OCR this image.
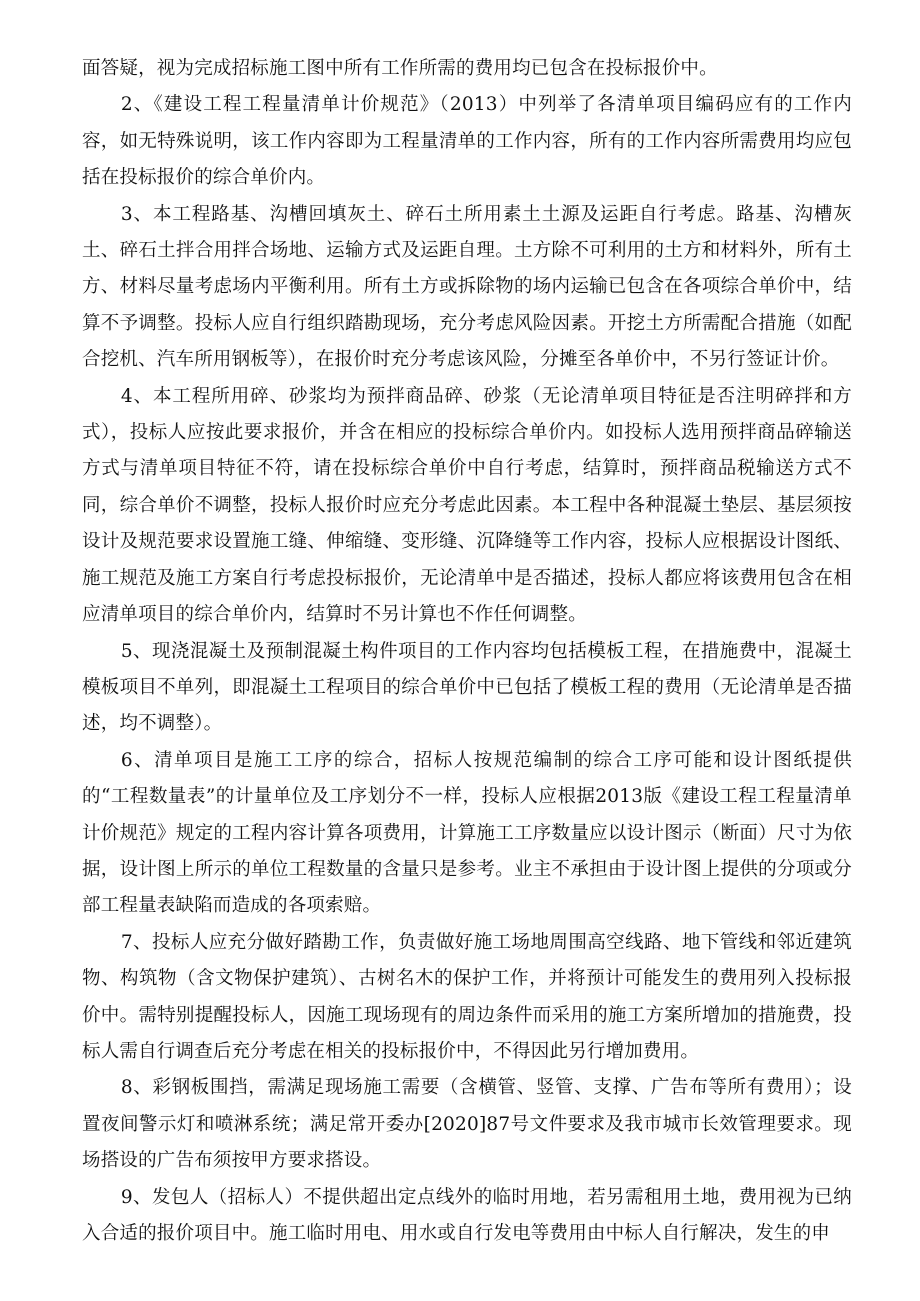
面答疑，视为完成招标施工图中所有工作所需的费用均已包含在投标报价中。

2、《建设工程工程量清单计价规范》（2013）中列举了各清单项目编码应有的工作内容，如无特殊说明，该工作内容即为工程量清单的工作内容，所有的工作内容所需费用均应包括在投标报价的综合单价内。

3、本工程路基、沟槽回填灰土、碎石土所用素土土源及运距自行考虑。路基、沟槽灰土、碎石土拌合用拌合场地、运输方式及运距自理。土方除不可利用的土方和材料外，所有土方、材料尽量考虑场内平衡利用。所有土方或拆除物的场内运输已包含在各项综合单价中，结算不予调整。投标人应自行组织踏勘现场，充分考虑风险因素。开挖土方所需配合措施（如配合挖机、汽车所用钢板等），在报价时充分考虑该风险，分摊至各单价中，不另行签证计价。

4、本工程所用碎、砂浆均为预拌商品碎、砂浆（无论清单项目特征是否注明碎拌和方式），投标人应按此要求报价，并含在相应的投标综合单价内。如投标人选用预拌商品碎输送方式与清单项目特征不符，请在投标综合单价中自行考虑，结算时，预拌商品税输送方式不同，综合单价不调整，投标人报价时应充分考虑此因素。本工程中各种混凝土垫层、基层须按设计及规范要求设置施工缝、伸缩缝、变形缝、沉降缝等工作内容，投标人应根据设计图纸、施工规范及施工方案自行考虑投标报价，无论清单中是否描述，投标人都应将该费用包含在相应清单项目的综合单价内，结算时不另计算也不作任何调整。

5、现浇混凝土及预制混凝土构件项目的工作内容均包括模板工程，在措施费中，混凝土模板项目不单列，即混凝土工程项目的综合单价中已包括了模板工程的费用（无论清单是否描述，均不调整）。

6、清单项目是施工工序的综合，招标人按规范编制的综合工序可能和设计图纸提供的“工程数量表”的计量单位及工序划分不一样，投标人应根据2013版《建设工程工程量清单计价规范》规定的工程内容计算各项费用，计算施工工序数量应以设计图示（断面）尺寸为依据，设计图上所示的单位工程数量的含量只是参考。业主不承担由于设计图上提供的分项或分部工程量表缺陷而造成的各项索赔。

7、投标人应充分做好踏勘工作，负责做好施工场地周围高空线路、地下管线和邻近建筑物、构筑物（含文物保护建筑）、古树名木的保护工作，并将预计可能发生的费用列入投标报价中。需特别提醒投标人，因施工现场现有的周边条件而采用的施工方案所增加的措施费，投标人需自行调查后充分考虑在相关的投标报价中，不得因此另行增加费用。

8、彩钢板围挡，需满足现场施工需要（含横管、竖管、支撑、广告布等所有费用）；设置夜间警示灯和喷淋系统；满足常开委办[2020]87号文件要求及我市城市长效管理要求。现场搭设的广告布须按甲方要求搭设。

9、发包人（招标人）不提供超出定点线外的临时用地，若另需租用土地，费用视为已纳入合适的报价项目中。施工临时用电、用水或自行发电等费用由中标人自行解决，发生的申
